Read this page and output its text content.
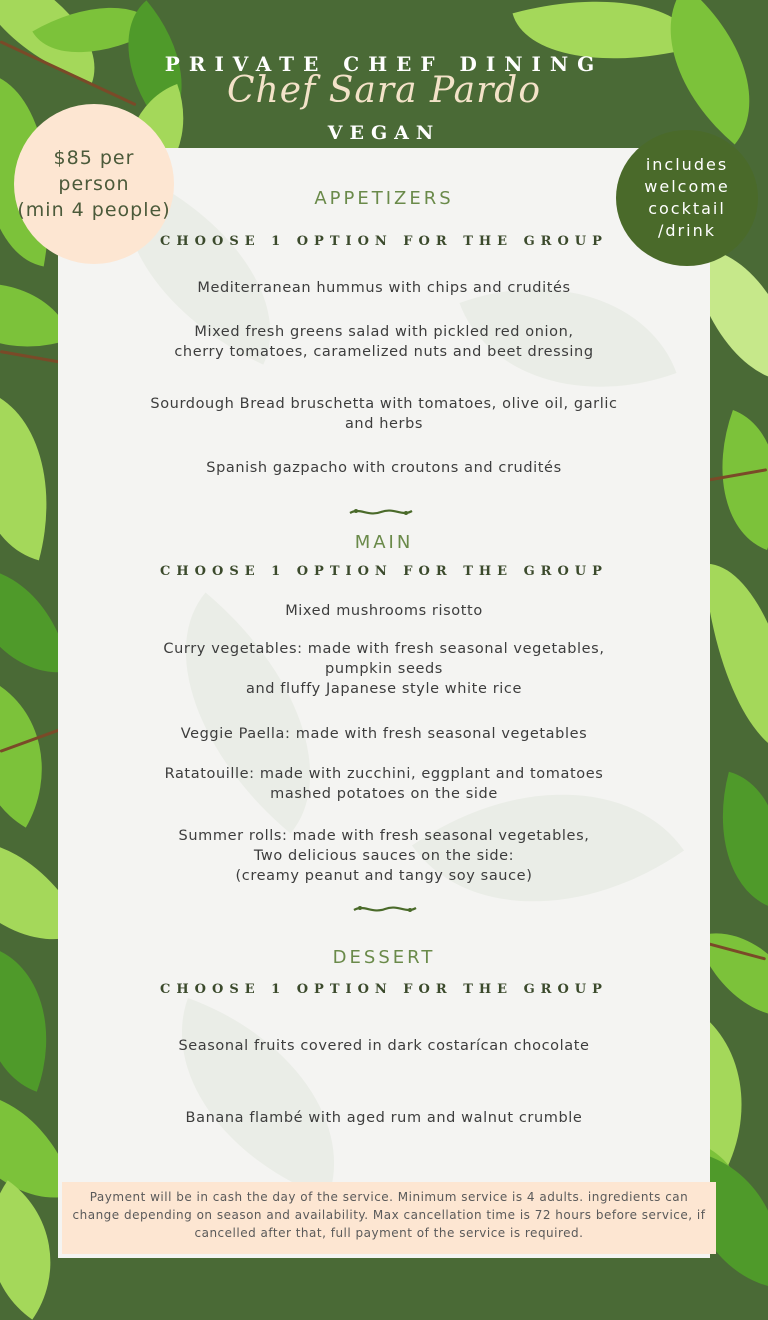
PRIVATE CHEF DINING
Chef Sara Pardo
VEGAN
$85 per
person
(min 4 people)
includes
welcome
cocktail
/drink
APPETIZERS
CHOOSE 1 OPTION FOR THE GROUP
Mediterranean hummus with chips and crudités
Mixed fresh greens salad with pickled red onion,
cherry tomatoes, caramelized nuts and beet dressing
Sourdough Bread bruschetta with tomatoes, olive oil, garlic
and herbs
Spanish gazpacho with croutons and crudités
MAIN
CHOOSE 1 OPTION FOR THE GROUP
Mixed mushrooms risotto
Curry vegetables: made with fresh seasonal vegetables,
pumpkin seeds
and fluffy Japanese style white rice
Veggie Paella: made with fresh seasonal vegetables
Ratatouille: made with zucchini, eggplant and tomatoes
mashed potatoes on the side
Summer rolls: made with fresh seasonal vegetables,
Two delicious sauces on the side:
(creamy peanut and tangy soy sauce)
DESSERT
CHOOSE 1 OPTION FOR THE GROUP
Seasonal fruits covered in dark costarícan chocolate
Banana flambé with aged rum and walnut crumble
Payment will be in cash the day of the service. Minimum service is 4 adults. ingredients can change depending on season and availability. Max cancellation time is 72 hours before service, if cancelled after that, full payment of the service is required.
